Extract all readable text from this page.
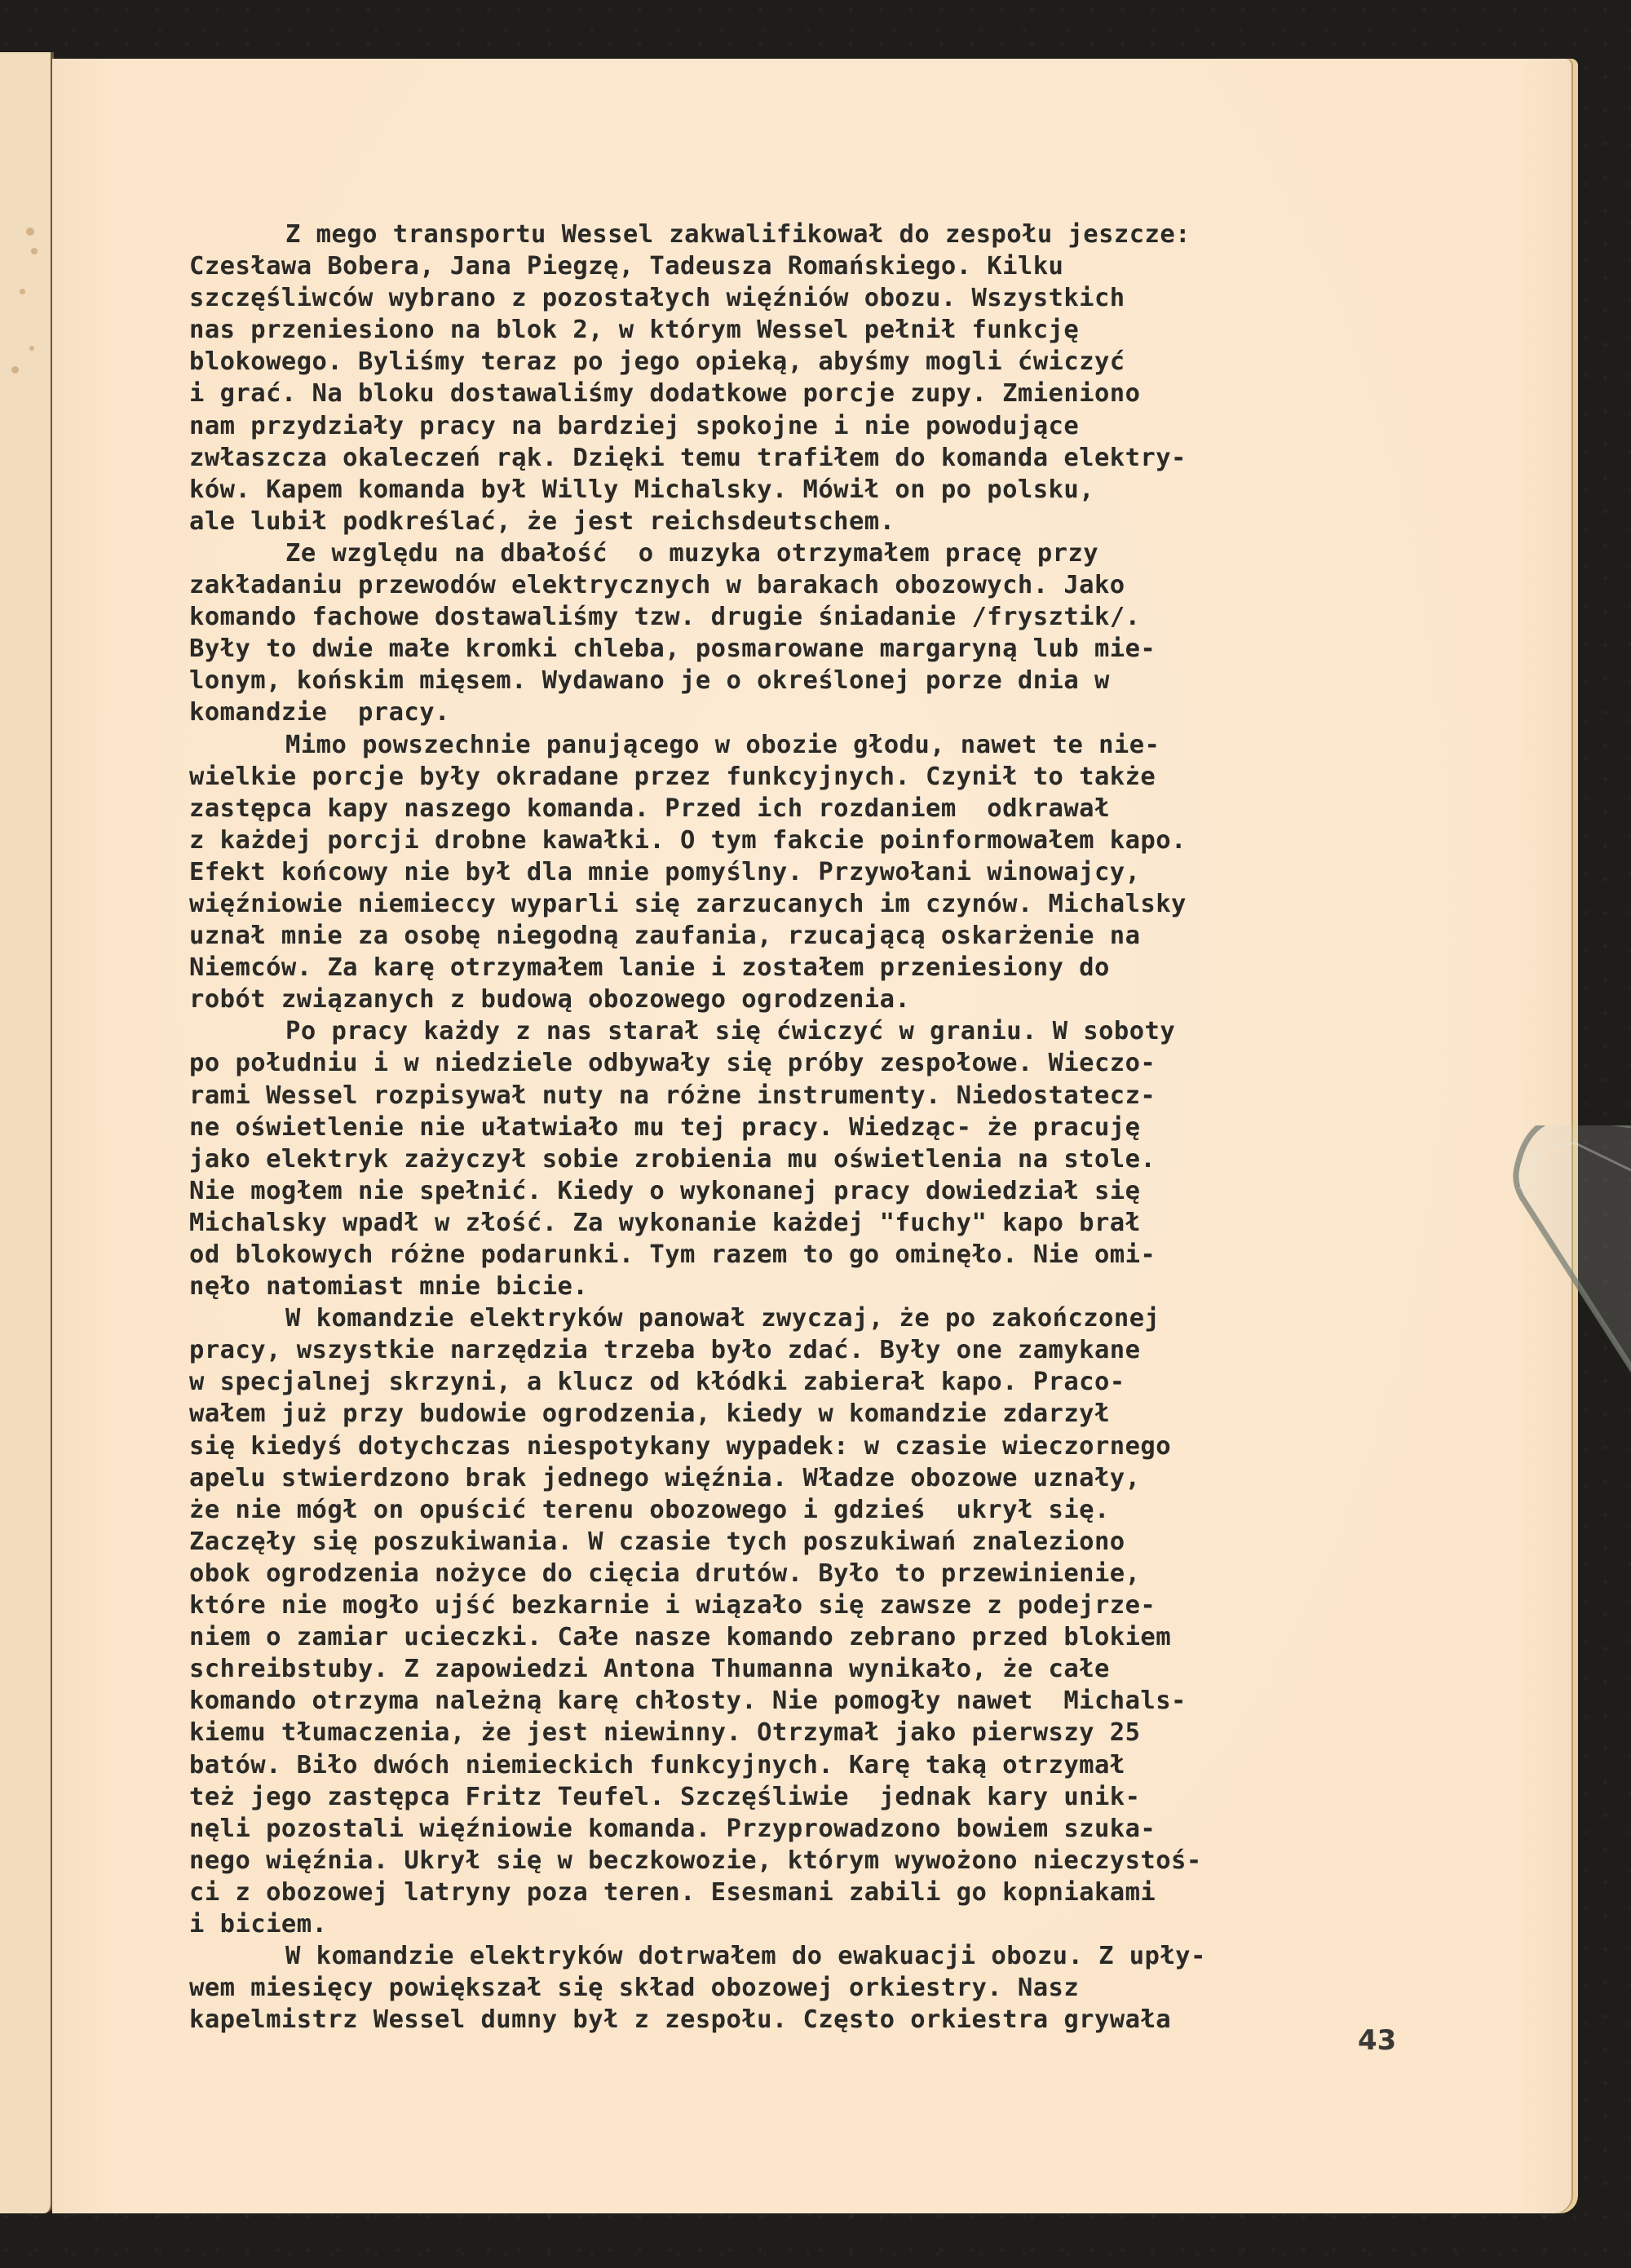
Z mego transportu Wessel zakwalifikował do zespołu jeszcze:
Czesława Bobera, Jana Piegzę, Tadeusza Romańskiego. Kilku
szczęśliwców wybrano z pozostałych więźniów obozu. Wszystkich
nas przeniesiono na blok 2, w którym Wessel pełnił funkcję
blokowego. Byliśmy teraz po jego opieką, abyśmy mogli ćwiczyć
i grać. Na bloku dostawaliśmy dodatkowe porcje zupy. Zmieniono
nam przydziały pracy na bardziej spokojne i nie powodujące
zwłaszcza okaleczeń rąk. Dzięki temu trafiłem do komanda elektry-
ków. Kapem komanda był Willy Michalsky. Mówił on po polsku,
ale lubił podkreślać, że jest reichsdeutschem.
Ze względu na dbałość  o muzyka otrzymałem pracę przy
zakładaniu przewodów elektrycznych w barakach obozowych. Jako
komando fachowe dostawaliśmy tzw. drugie śniadanie /frysztik/.
Były to dwie małe kromki chleba, posmarowane margaryną lub mie-
lonym, końskim mięsem. Wydawano je o określonej porze dnia w
komandzie  pracy.
Mimo powszechnie panującego w obozie głodu, nawet te nie-
wielkie porcje były okradane przez funkcyjnych. Czynił to także
zastępca kapy naszego komanda. Przed ich rozdaniem  odkrawał
z każdej porcji drobne kawałki. O tym fakcie poinformowałem kapo.
Efekt końcowy nie był dla mnie pomyślny. Przywołani winowajcy,
więźniowie niemieccy wyparli się zarzucanych im czynów. Michalsky
uznał mnie za osobę niegodną zaufania, rzucającą oskarżenie na
Niemców. Za karę otrzymałem lanie i zostałem przeniesiony do
robót związanych z budową obozowego ogrodzenia.
Po pracy każdy z nas starał się ćwiczyć w graniu. W soboty
po południu i w niedziele odbywały się próby zespołowe. Wieczo-
rami Wessel rozpisywał nuty na różne instrumenty. Niedostatecz-
ne oświetlenie nie ułatwiało mu tej pracy. Wiedząc- że pracuję
jako elektryk zażyczył sobie zrobienia mu oświetlenia na stole.
Nie mogłem nie spełnić. Kiedy o wykonanej pracy dowiedział się
Michalsky wpadł w złość. Za wykonanie każdej "fuchy" kapo brał
od blokowych różne podarunki. Tym razem to go ominęło. Nie omi-
nęło natomiast mnie bicie.
W komandzie elektryków panował zwyczaj, że po zakończonej
pracy, wszystkie narzędzia trzeba było zdać. Były one zamykane
w specjalnej skrzyni, a klucz od kłódki zabierał kapo. Praco-
wałem już przy budowie ogrodzenia, kiedy w komandzie zdarzył
się kiedyś dotychczas niespotykany wypadek: w czasie wieczornego
apelu stwierdzono brak jednego więźnia. Władze obozowe uznały,
że nie mógł on opuścić terenu obozowego i gdzieś  ukrył się.
Zaczęły się poszukiwania. W czasie tych poszukiwań znaleziono
obok ogrodzenia nożyce do cięcia drutów. Było to przewinienie,
które nie mogło ujść bezkarnie i wiązało się zawsze z podejrze-
niem o zamiar ucieczki. Całe nasze komando zebrano przed blokiem
schreibstuby. Z zapowiedzi Antona Thumanna wynikało, że całe
komando otrzyma należną karę chłosty. Nie pomogły nawet  Michals-
kiemu tłumaczenia, że jest niewinny. Otrzymał jako pierwszy 25
batów. Biło dwóch niemieckich funkcyjnych. Karę taką otrzymał
też jego zastępca Fritz Teufel. Szczęśliwie  jednak kary unik-
nęli pozostali więźniowie komanda. Przyprowadzono bowiem szuka-
nego więźnia. Ukrył się w beczkowozie, którym wywożono nieczystoś-
ci z obozowej latryny poza teren. Esesmani zabili go kopniakami
i biciem.
W komandzie elektryków dotrwałem do ewakuacji obozu. Z upły-
wem miesięcy powiększał się skład obozowej orkiestry. Nasz
kapelmistrz Wessel dumny był z zespołu. Często orkiestra grywała
43
